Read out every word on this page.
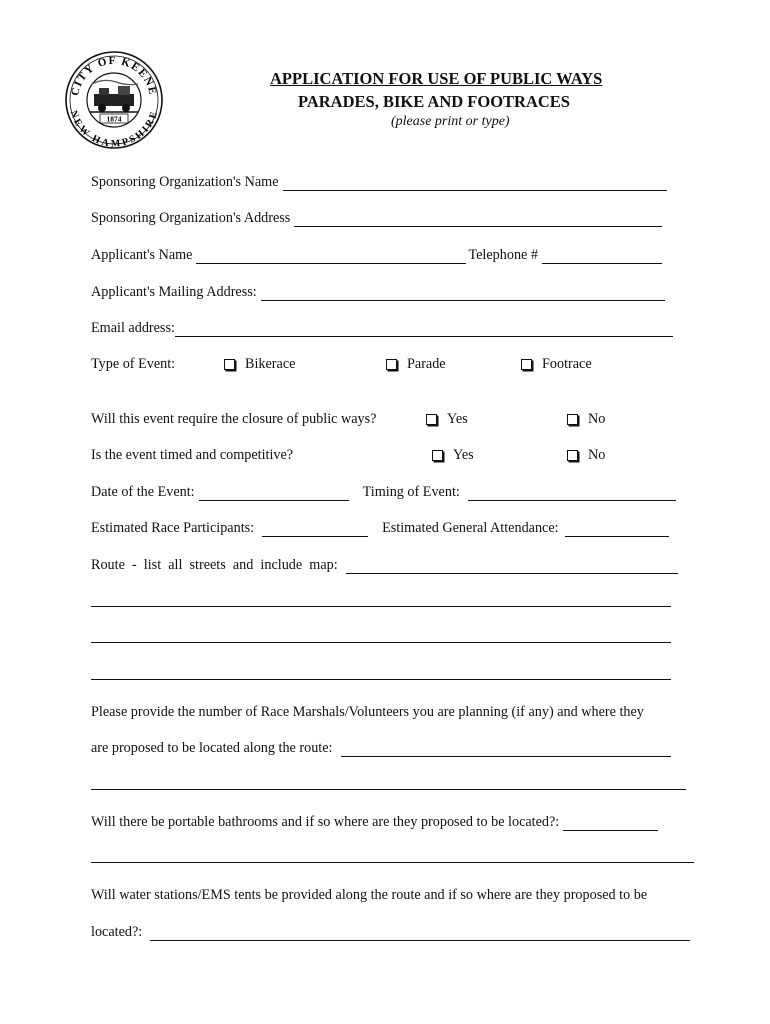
CITY OF KEENE
NEW HAMPSHIRE
1874
APPLICATION FOR USE OF PUBLIC WAYS
PARADES, BIKE AND FOOTRACES
(please print or type)
Sponsoring Organization's Name
Sponsoring Organization's Address
Applicant's Name	Telephone #
Applicant's Mailing Address:
Email address:
Type of Event:	Bikerace	Parade	Footrace
Will this event require the closure of public ways?	Yes	No
Is the event timed and competitive?	Yes	No
Date of the Event:	Timing of Event:
Estimated Race Participants:	Estimated General Attendance:
Route  -  list  all  streets  and  include  map:
Please provide the number of Race Marshals/Volunteers you are planning (if any) and where they
are proposed to be located along the route:
Will there be portable bathrooms and if so where are they proposed to be located?:
Will water stations/EMS tents be provided along the route and if so where are they proposed to be
located?:
